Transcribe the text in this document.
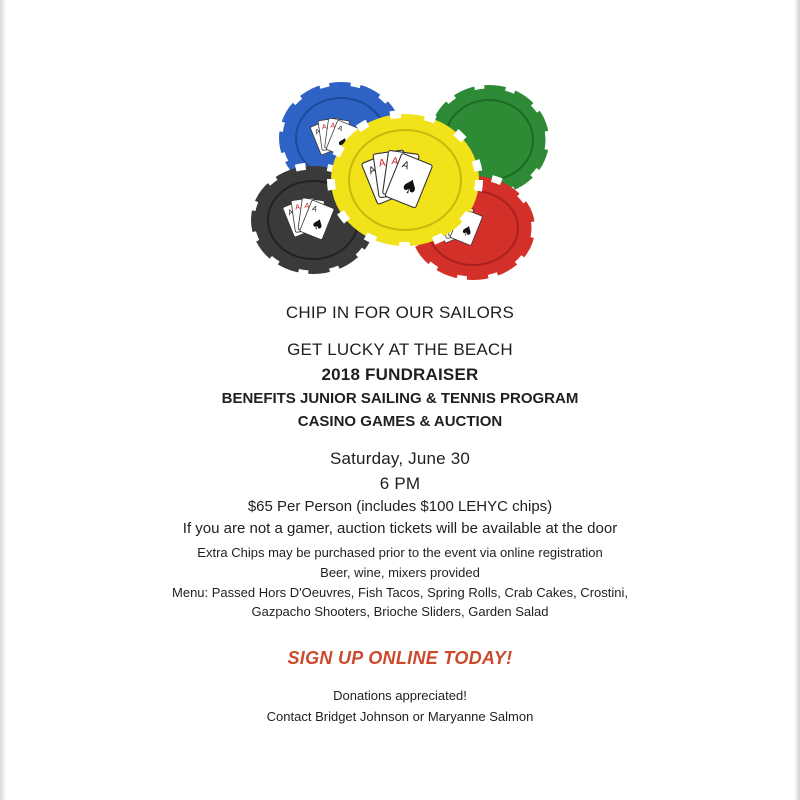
A
A A A
♠
CHIP IN FOR OUR SAILORS
GET LUCKY AT THE BEACH
2018 FUNDRAISER
BENEFITS JUNIOR SAILING & TENNIS PROGRAM
CASINO GAMES & AUCTION
Saturday, June 30
6 PM
$65 Per Person (includes $100 LEHYC chips)
If you are not a gamer, auction tickets will be available at the door
Extra Chips may be purchased prior to the event via online registration
Beer, wine, mixers provided
Menu: Passed Hors D'Oeuvres, Fish Tacos, Spring Rolls, Crab Cakes, Crostini,
Gazpacho Shooters, Brioche Sliders, Garden Salad
SIGN UP ONLINE TODAY!
Donations appreciated!
Contact Bridget Johnson or Maryanne Salmon
